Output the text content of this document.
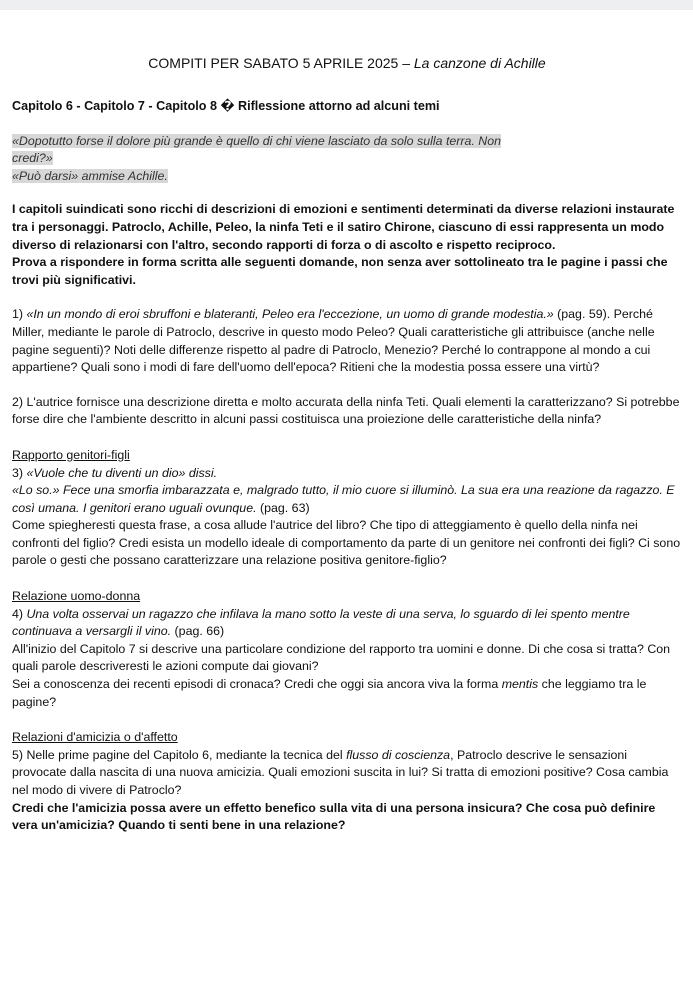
COMPITI PER SABATO 5 APRILE 2025 – La canzone di Achille

Capitolo 6 - Capitolo 7 - Capitolo 8 � Riflessione attorno ad alcuni temi

«Dopotutto forse il dolore più grande è quello di chi viene lasciato da solo sulla terra. Non
credi?»
«Può darsi» ammise Achille.

I capitoli suindicati sono ricchi di descrizioni di emozioni e sentimenti determinati da diverse relazioni instaurate tra i personaggi. Patroclo, Achille, Peleo, la ninfa Teti e il satiro Chirone, ciascuno di essi rappresenta un modo diverso di relazionarsi con l'altro, secondo rapporti di forza o di ascolto e rispetto reciproco.

Prova a rispondere in forma scritta alle seguenti domande, non senza aver sottolineato tra le pagine i passi che trovi più significativi.

1) «In un mondo di eroi sbruffoni e blateranti, Peleo era l'eccezione, un uomo di grande modestia.» (pag. 59). Perché Miller, mediante le parole di Patroclo, descrive in questo modo Peleo? Quali caratteristiche gli attribuisce (anche nelle pagine seguenti)? Noti delle differenze rispetto al padre di Patroclo, Menezio? Perché lo contrappone al mondo a cui appartiene? Quali sono i modi di fare dell'uomo dell'epoca? Ritieni che la modestia possa essere una virtù?

2) L'autrice fornisce una descrizione diretta e molto accurata della ninfa Teti. Quali elementi la caratterizzano? Si potrebbe forse dire che l'ambiente descritto in alcuni passi costituisca una proiezione delle caratteristiche della ninfa?

Rapporto genitori-figli

3) «Vuole che tu diventi un dio» dissi.

«Lo so.» Fece una smorfia imbarazzata e, malgrado tutto, il mio cuore si illuminò. La sua era una reazione da ragazzo. E così umana. I genitori erano uguali ovunque. (pag. 63)

Come spiegheresti questa frase, a cosa allude l'autrice del libro? Che tipo di atteggiamento è quello della ninfa nei confronti del figlio? Credi esista un modello ideale di comportamento da parte di un genitore nei confronti dei figli? Ci sono parole o gesti che possano caratterizzare una relazione positiva genitore-figlio?

Relazione uomo-donna

4) Una volta osservai un ragazzo che infilava la mano sotto la veste di una serva, lo sguardo di lei spento mentre continuava a versargli il vino. (pag. 66)

All'inizio del Capitolo 7 si descrive una particolare condizione del rapporto tra uomini e donne. Di che cosa si tratta? Con quali parole descriveresti le azioni compute dai giovani?

Sei a conoscenza dei recenti episodi di cronaca? Credi che oggi sia ancora viva la forma mentis che leggiamo tra le pagine?

Relazioni d'amicizia o d'affetto

5) Nelle prime pagine del Capitolo 6, mediante la tecnica del flusso di coscienza, Patroclo descrive le sensazioni provocate dalla nascita di una nuova amicizia. Quali emozioni suscita in lui? Si tratta di emozioni positive? Cosa cambia nel modo di vivere di Patroclo?

Credi che l'amicizia possa avere un effetto benefico sulla vita di una persona insicura? Che cosa può definire vera un'amicizia? Quando ti senti bene in una relazione?
